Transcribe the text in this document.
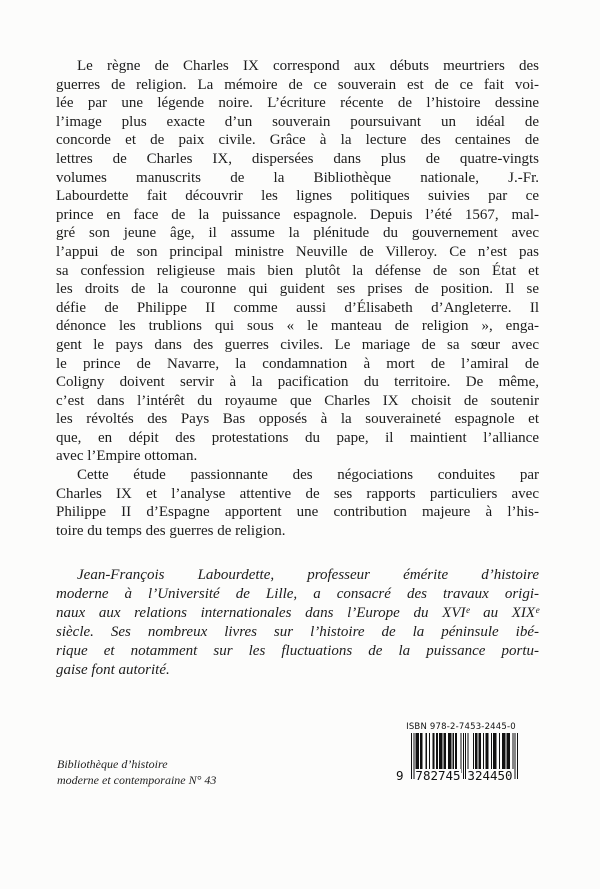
Le règne de Charles IX correspond aux débuts meurtriers des
guerres de religion. La mémoire de ce souverain est de ce fait voi-
lée par une légende noire. L’écriture récente de l’histoire dessine
l’image plus exacte d’un souverain poursuivant un idéal de
concorde et de paix civile. Grâce à la lecture des centaines de
lettres de Charles IX, dispersées dans plus de quatre-vingts
volumes manuscrits de la Bibliothèque nationale, J.-Fr.
Labourdette fait découvrir les lignes politiques suivies par ce
prince en face de la puissance espagnole. Depuis l’été 1567, mal-
gré son jeune âge, il assume la plénitude du gouvernement avec
l’appui de son principal ministre Neuville de Villeroy. Ce n’est pas
sa confession religieuse mais bien plutôt la défense de son État et
les droits de la couronne qui guident ses prises de position. Il se
défie de Philippe II comme aussi d’Élisabeth d’Angleterre. Il
dénonce les trublions qui sous « le manteau de religion », enga-
gent le pays dans des guerres civiles. Le mariage de sa sœur avec
le prince de Navarre, la condamnation à mort de l’amiral de
Coligny doivent servir à la pacification du territoire. De même,
c’est dans l’intérêt du royaume que Charles IX choisit de soutenir
les révoltés des Pays Bas opposés à la souveraineté espagnole et
que, en dépit des protestations du pape, il maintient l’alliance
avec l’Empire ottoman.
Cette étude passionnante des négociations conduites par
Charles IX et l’analyse attentive de ses rapports particuliers avec
Philippe II d’Espagne apportent une contribution majeure à l’his-
toire du temps des guerres de religion.
Jean-François Labourdette, professeur émérite d’histoire
moderne à l’Université de Lille, a consacré des travaux origi-
naux aux relations internationales dans l’Europe du XVIᵉ au XIXᵉ
siècle. Ses nombreux livres sur l’histoire de la péninsule ibé-
rique et notamment sur les fluctuations de la puissance portu-
gaise font autorité.
Bibliothèque d’histoire
moderne et contemporaine N° 43
ISBN 978-2-7453-2445-0
9 782745 324450
